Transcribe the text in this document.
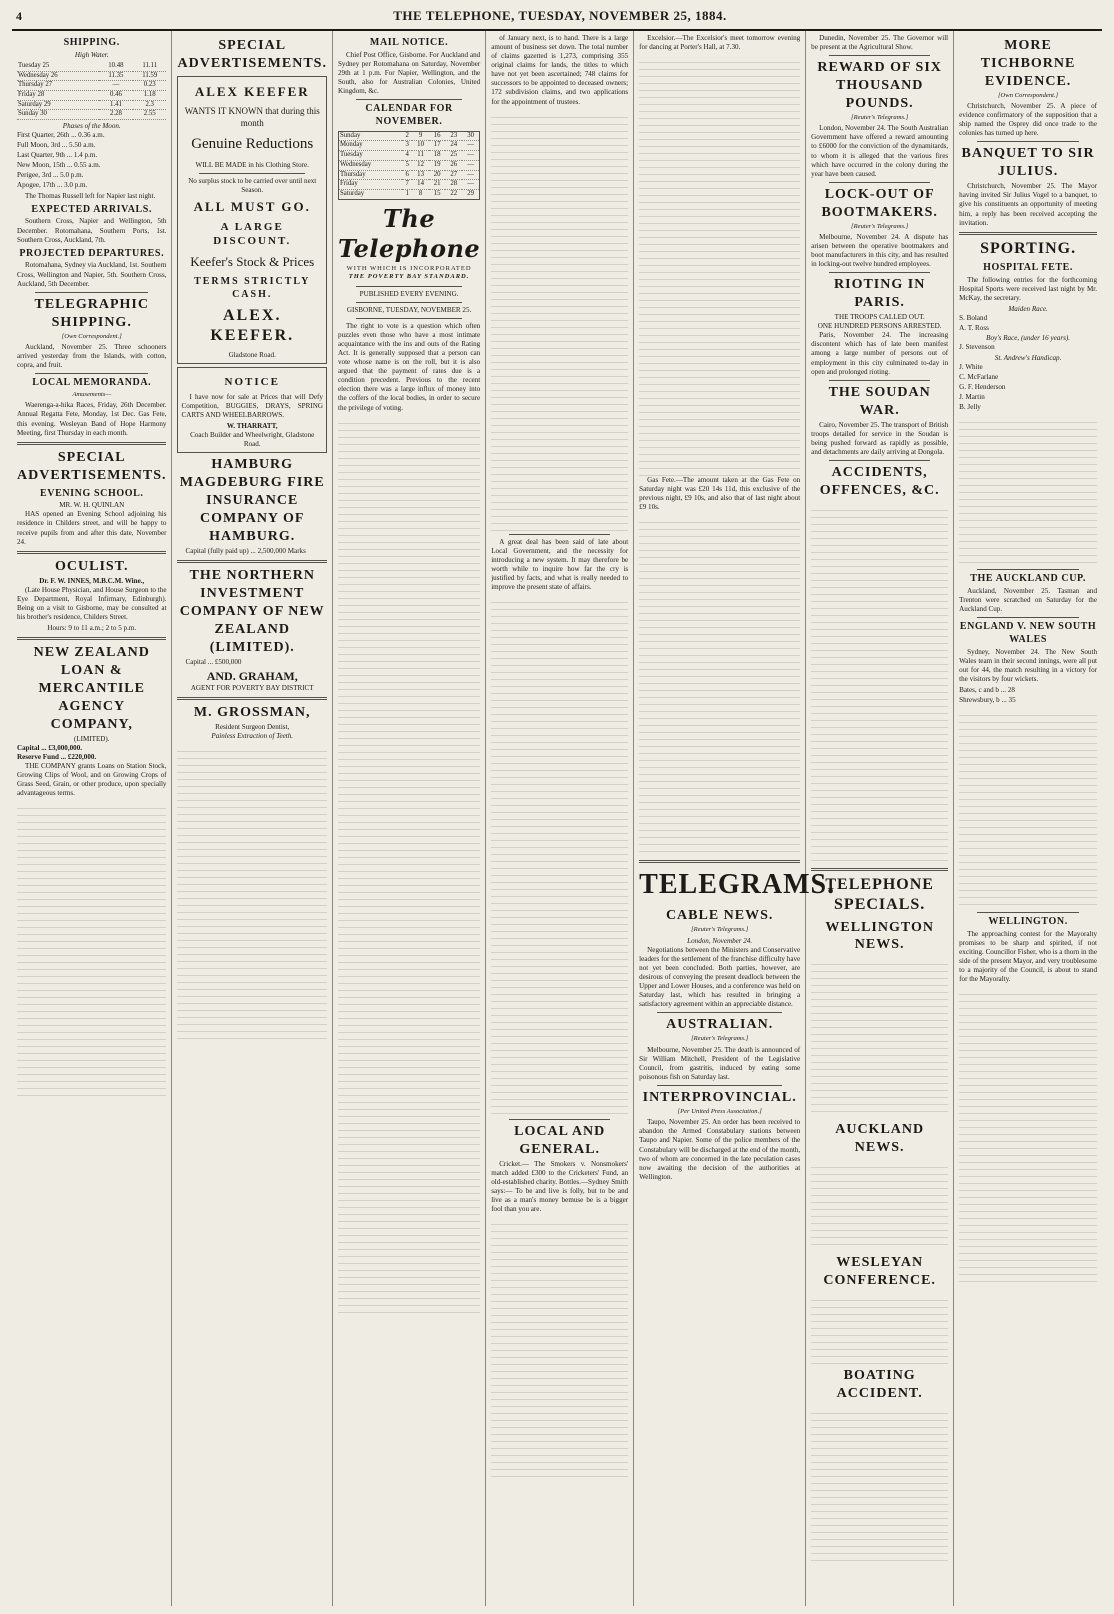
4	THE TELEPHONE, TUESDAY, NOVEMBER 25, 1884.
SHIPPING.
High Water.
Tuesday 25	10.48	11.11
Wednesday 26	11.35	11.59
Thursday 27	—	0.23
Friday 28	0.46	1.18
Saturday 29	1.41	2.3
Sunday 30	2.28	2.55
Phases of the Moon.

First Quarter, 26th ... 0.36 a.m.

Full Moon, 3rd ... 5.50 a.m.

Last Quarter, 9th ... 1.4 p.m.

New Moon, 15th ... 0.55 a.m.

Perigee, 3rd ... 5.0 p.m.

Apogee, 17th ... 3.0 p.m.

The Thomas Russell left for Napier last night.

EXPECTED ARRIVALS.

Southern Cross, Napier and Wellington, 5th December. Rotomahana, Southern Ports, 1st. Southern Cross, Auckland, 7th.

PROJECTED DEPARTURES.

Rotomahana, Sydney via Auckland, 1st. Southern Cross, Wellington and Napier, 5th. Southern Cross, Auckland, 5th December.

TELEGRAPHIC SHIPPING.
[Own Correspondent.]

Auckland, November 25. Three schooners arrived yesterday from the Islands, with cotton, copra, and fruit.

LOCAL MEMORANDA.
Amusements—

Waerenga-a-hika Races, Friday, 26th December. Annual Regatta Fete, Monday, 1st Dec. Gas Fete, this evening. Wesleyan Band of Hope Harmony Meeting, first Thursday in each month.

SPECIAL ADVERTISEMENTS.
EVENING SCHOOL.
MR. W. H. QUINLAN

HAS opened an Evening School adjoining his residence in Childers street, and will be happy to receive pupils from and after this date, November 24.

OCULIST.
Dr. F. W. INNES, M.B.C.M. Wine.,

(Late House Physician, and House Surgeon to the Eye Department, Royal Infirmary, Edinburgh). Being on a visit to Gisborne, may be consulted at his brother's residence, Childers Street.

Hours: 9 to 11 a.m.; 2 to 5 p.m.
NEW ZEALAND LOAN & MERCANTILE AGENCY COMPANY,
(LIMITED).
Capital ... £3,000,000.
Reserve Fund ... £220,000.

THE COMPANY grants Loans on Station Stock, Growing Clips of Wool, and on Growing Crops of Grass Seed, Grain, or other produce, upon specially advantageous terms.

SPECIAL ADVERTISEMENTS.
ALEX KEEFER
WANTS IT KNOWN that during this month
Genuine Reductions
WILL BE MADE in his Clothing Store.
No surplus stock to be carried over until next Season.
ALL MUST GO.
A LARGE DISCOUNT.
Keefer's Stock & Prices
TERMS STRICTLY CASH.
ALEX. KEEFER.
Gladstone Road.
NOTICE

I have now for sale at Prices that will Defy Competition, BUGGIES, DRAYS, SPRING CARTS AND WHEELBARROWS.

W. THARRATT,
Coach Builder and Wheelwright, Gladstone Road.
HAMBURG MAGDEBURG FIRE INSURANCE COMPANY OF HAMBURG.

Capital (fully paid up) ... 2,500,000 Marks

THE NORTHERN INVESTMENT COMPANY OF NEW ZEALAND (LIMITED).

Capital ... £500,000

AND. GRAHAM,
AGENT FOR POVERTY BAY DISTRICT
M. GROSSMAN,
Resident Surgeon Dentist,
Painless Extraction of Teeth.
MAIL NOTICE.

Chief Post Office, Gisborne. For Auckland and Sydney per Rotomahana on Saturday, November 29th at 1 p.m. For Napier, Wellington, and the South, also for Australian Colonies, United Kingdom, &c.

CALENDAR FOR NOVEMBER.
Sunday	2	9	16	23	30
Monday	3	10	17	24	—
Tuesday	4	11	18	25	—
Wednesday	5	12	19	26	—
Thursday	6	13	20	27	—
Friday	7	14	21	28	—
Saturday	1	8	15	22	29
The Telephone
WITH WHICH IS INCORPORATED
THE POVERTY BAY STANDARD.
PUBLISHED EVERY EVENING.
GISBORNE, TUESDAY, NOVEMBER 25.

The right to vote is a question which often puzzles even those who have a most intimate acquaintance with the ins and outs of the Rating Act. It is generally supposed that a person can vote whose name is on the roll, but it is also argued that the payment of rates due is a condition precedent. Previous to the recent election there was a large influx of money into the coffers of the local bodies, in order to secure the privilege of voting.

of January next, is to hand. There is a large amount of business set down. The total number of claims gazetted is 1,273, comprising 355 original claims for lands, the titles to which have not yet been ascertained; 748 claims for successors to be appointed to deceased owners; 172 subdivision claims, and two applications for the appointment of trustees.

A great deal has been said of late about Local Government, and the necessity for introducing a new system. It may therefore be worth while to inquire how far the cry is justified by facts, and what is really needed to improve the present state of affairs.

LOCAL AND GENERAL.

Cricket.— The Smokers v. Nonsmokers' match added £300 to the Cricketers' Fund, an old-established charity. Bottles.—Sydney Smith says:— To be and live is folly, but to be and live as a man's money bemuse be is a bigger fool than you are.

Excelsior.—The Excelsior's meet tomorrow evening for dancing at Porter's Hall, at 7.30.

Gas Fete.—The amount taken at the Gas Fete on Saturday night was £20 14s 11d, this exclusive of the previous night, £9 10s, and also that of last night about £9 10s.

TELEGRAMS.
CABLE NEWS.
[Reuter's Telegrams.]
London, November 24.

Negotiations between the Ministers and Conservative leaders for the settlement of the franchise difficulty have not yet been concluded. Both parties, however, are desirous of conveying the present deadlock between the Upper and Lower Houses, and a conference was held on Saturday last, which has resulted in bringing a satisfactory agreement within an appreciable distance.

AUSTRALIAN.
[Reuter's Telegrams.]

Melbourne, November 25. The death is announced of Sir William Mitchell, President of the Legislative Council, from gastritis, induced by eating some poisonous fish on Saturday last.

INTERPROVINCIAL.
[Per United Press Association.]

Taupo, November 25. An order has been received to abandon the Armed Constabulary stations between Taupo and Napier. Some of the police members of the Constabulary will be discharged at the end of the month, two of whom are concerned in the late peculation cases now awaiting the decision of the authorities at Wellington.

Dunedin, November 25. The Governor will be present at the Agricultural Show.

REWARD OF SIX THOUSAND POUNDS.
[Reuter's Telegrams.]

London, November 24. The South Australian Government have offered a reward amounting to £6000 for the conviction of the dynamitards, to whom it is alleged that the various fires which have occurred in the colony during the year have been caused.

LOCK-OUT OF BOOTMAKERS.
[Reuter's Telegrams.]

Melbourne, November 24. A dispute has arisen between the operative bootmakers and boot manufacturers in this city, and has resulted in locking-out twelve hundred employees.

RIOTING IN PARIS.
THE TROOPS CALLED OUT.
ONE HUNDRED PERSONS ARRESTED.

Paris, November 24. The increasing discontent which has of late been manifest among a large number of persons out of employment in this city culminated to-day in open and prolonged rioting.

THE SOUDAN WAR.

Cairo, November 25. The transport of British troops detailed for service in the Soudan is being pushed forward as rapidly as possible, and detachments are daily arriving at Dongola.

ACCIDENTS, OFFENCES, &C.
TELEPHONE SPECIALS.
WELLINGTON NEWS.
AUCKLAND NEWS.
WESLEYAN CONFERENCE.
BOATING ACCIDENT.
MORE TICHBORNE EVIDENCE.
[Own Correspondent.]

Christchurch, November 25. A piece of evidence confirmatory of the supposition that a ship named the Osprey did once trade to the colonies has turned up here.

BANQUET TO SIR JULIUS.

Christchurch, November 25. The Mayor having invited Sir Julius Vogel to a banquet, to give his constituents an opportunity of meeting him, a reply has been received accepting the invitation.

SPORTING.
HOSPITAL FETE.

The following entries for the forthcoming Hospital Sports were received last night by Mr. McKay, the secretary.

Maiden Race.

S. Boland

A. T. Ross

Boy's Race, (under 16 years).

J. Stevenson

St. Andrew's Handicap.

J. White

C. McFarlane

G. F. Henderson

J. Martin

B. Jelly

THE AUCKLAND CUP.

Auckland, November 25. Tasman and Trenton were scratched on Saturday for the Auckland Cup.

ENGLAND V. NEW SOUTH WALES

Sydney, November 24. The New South Wales team in their second innings, were all put out for 44, the match resulting in a victory for the visitors by four wickets.

Bates, c and b ... 28

Shrewsbury, b ... 35

WELLINGTON.

The approaching contest for the Mayoralty promises to be sharp and spirited, if not exciting. Councillor Fisher, who is a thorn in the side of the present Mayor, and very troublesome to a majority of the Council, is about to stand for the Mayoralty.
